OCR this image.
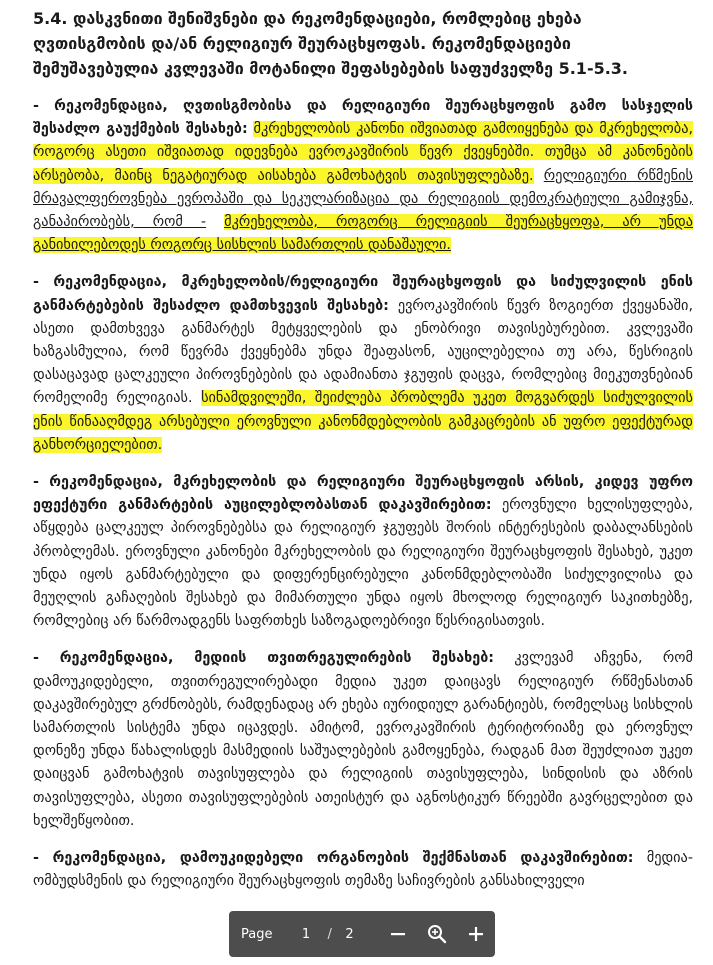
5.4. დასკვნითი შენიშვნები და რეკომენდაციები, რომლებიც ეხება ღვთისგმობის და/ან რელიგიურ შეურაცხყოფას. რეკომენდაციები შემუშავებულია კვლევაში მოტანილი შეფასებების საფუძველზე 5.1-5.3.

- რეკომენდაცია, ღვთისგმობისა და რელიგიური შეურაცხყოფის გამო სასჯელის შესაძლო გაუქმების შესახებ: მკრეხელობის კანონი იშვიათად გამოიყენება და მკრეხელობა, როგორც ასეთი იშვიათად იდევნება ევროკავშირის წევრ ქვეყნებში. თუმცა ამ კანონების არსებობა, მაინც ნეგატიურად აისახება გამოხატვის თავისუფლებაზე. რელიგიური რწმენის მრავალფეროვნება ევროპაში და სეკულარიზაცია და რელიგიის დემოკრატიული გამიჯვნა, განაპირობებს, რომ - მკრეხელობა, როგორც რელიგიის შეურაცხყოფა, არ უნდა განიხილებოდეს როგორც სისხლის სამართლის დანაშაული.

- რეკომენდაცია, მკრეხელობის/რელიგიური შეურაცხყოფის და სიძულვილის ენის განმარტებების შესაძლო დამთხვევის შესახებ: ევროკავშირის წევრ ზოგიერთ ქვეყანაში, ასეთი დამთხვევა განმარტეს მეტყველების და ენობრივი თავისებურებით. კვლევაში ხაზგასმულია, რომ წევრმა ქვეყნებმა უნდა შეაფასონ, აუცილებელია თუ არა, წესრიგის დასაცავად ცალკეული პიროვნებების და ადამიანთა ჯგუფის დაცვა, რომლებიც მიეკუთვნებიან რომელიმე რელიგიას. სინამდვილეში, შეიძლება პრობლემა უკეთ მოგვარდეს სიძულვილის ენის წინააღმდეგ არსებული ეროვნული კანონმდებლობის გამკაცრების ან უფრო ეფექტურად განხორციელებით.

- რეკომენდაცია, მკრეხელობის და რელიგიური შეურაცხყოფის არსის, კიდევ უფრო ეფექტური განმარტების აუცილებლობასთან დაკავშირებით: ეროვნული ხელისუფლება, აწყდება ცალკეულ პიროვნებებსა და რელიგიურ ჯგუფებს შორის ინტერესების დაბალანსების პრობლემას. ეროვნული კანონები მკრეხელობის და რელიგიური შეურაცხყოფის შესახებ, უკეთ უნდა იყოს განმარტებული და დიფერენცირებული კანონმდებლობაში სიძულვილისა და მეუღლის გაჩაღების შესახებ და მიმართული უნდა იყოს მხოლოდ რელიგიურ საკითხებზე, რომლებიც არ წარმოადგენს საფრთხეს საზოგადოებრივი წესრიგისათვის.

- რეკომენდაცია, მედიის თვითრეგულირების შესახებ: კვლევამ აჩვენა, რომ დამოუკიდებელი, თვითრეგულირებადი მედია უკეთ დაიცავს რელიგიურ რწმენასთან დაკავშირებულ გრძნობებს, რამდენადაც არ ეხება იურიდიულ გარანტიებს, რომელსაც სისხლის სამართლის სისტემა უნდა იცავდეს. ამიტომ, ევროკავშირის ტერიტორიაზე და ეროვნულ დონეზე უნდა წახალისდეს მასმედიის საშუალებების გამოყენება, რადგან მათ შეუძლიათ უკეთ დაიცვან გამოხატვის თავისუფლება და რელიგიის თავისუფლება, სინდისის და აზრის თავისუფლება, ასეთი თავისუფლებების ათეისტურ და აგნოსტიკურ წრეებში გავრცელებით და ხელშეწყობით.

- რეკომენდაცია, დამოუკიდებელი ორგანოების შექმნასთან დაკავშირებით: მედია-ომბუდსმენის და რელიგიური შეურაცხყოფის თემაზე საჩივრების განსახილველი

Page	1	/	2
